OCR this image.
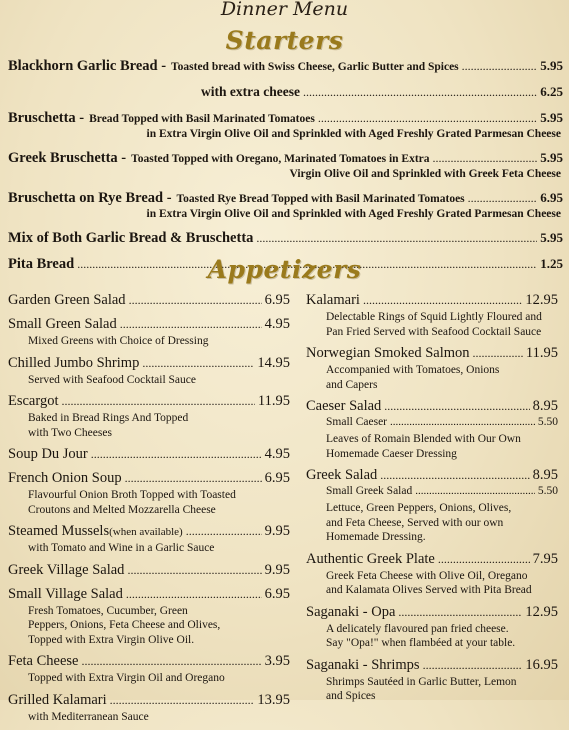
Dinner Menu
Starters
Blackhorn Garlic Bread - Toasted bread with Swiss Cheese, Garlic Butter and Spices .....	5.95
with extra cheese .....	6.25
Bruschetta - Bread Topped with Basil Marinated Tomatoes .....	5.95
in Extra Virgin Olive Oil and Sprinkled with Aged Freshly Grated Parmesan Cheese
Greek Bruschetta - Toasted Topped with Oregano, Marinated Tomatoes in Extra .....	5.95
Virgin Olive Oil and Sprinkled with Greek Feta Cheese
Bruschetta on Rye Bread - Toasted Rye Bread Topped with Basil Marinated Tomatoes .....	6.95
in Extra Virgin Olive Oil and Sprinkled with Aged Freshly Grated Parmesan Cheese
Mix of Both Garlic Bread & Bruschetta .....	5.95
Pita Bread .....	1.25
Appetizers
Garden Green Salad .....	6.95
Small Green Salad .....	4.95
Mixed Greens with Choice of Dressing
Chilled Jumbo Shrimp .....	14.95
Served with Seafood Cocktail Sauce
Escargot .....	11.95
Baked in Bread Rings And Topped
with Two Cheeses
Soup Du Jour .....	4.95
French Onion Soup .....	6.95
Flavourful Onion Broth Topped with Toasted
Croutons and Melted Mozzarella Cheese
Steamed Mussels (when available) .....	9.95
with Tomato and Wine in a Garlic Sauce
Greek Village Salad .....	9.95
Small Village Salad .....	6.95
Fresh Tomatoes, Cucumber, Green
Peppers, Onions, Feta Cheese and Olives,
Topped with Extra Virgin Olive Oil.
Feta Cheese .....	3.95
Topped with Extra Virgin Oil and Oregano
Grilled Kalamari .....	13.95
with Mediterranean Sauce
Kalamari .....	12.95
Delectable Rings of Squid Lightly Floured and
Pan Fried Served with Seafood Cocktail Sauce
Norwegian Smoked Salmon .....	11.95
Accompanied with Tomatoes, Onions
and Capers
Caeser Salad .....	8.95
Small Caeser .....	5.50
Leaves of Romain Blended with Our Own
Homemade Caeser Dressing
Greek Salad .....	8.95
Small Greek Salad .....	5.50
Lettuce, Green Peppers, Onions, Olives,
and Feta Cheese, Served with our own
Homemade Dressing.
Authentic Greek Plate .....	7.95
Greek Feta Cheese with Olive Oil, Oregano
and Kalamata Olives Served with Pita Bread
Saganaki - Opa .....	12.95
A delicately flavoured pan fried cheese.
Say "Opa!" when flambéed at your table.
Saganaki - Shrimps .....	16.95
Shrimps Sautéed in Garlic Butter, Lemon
and Spices
